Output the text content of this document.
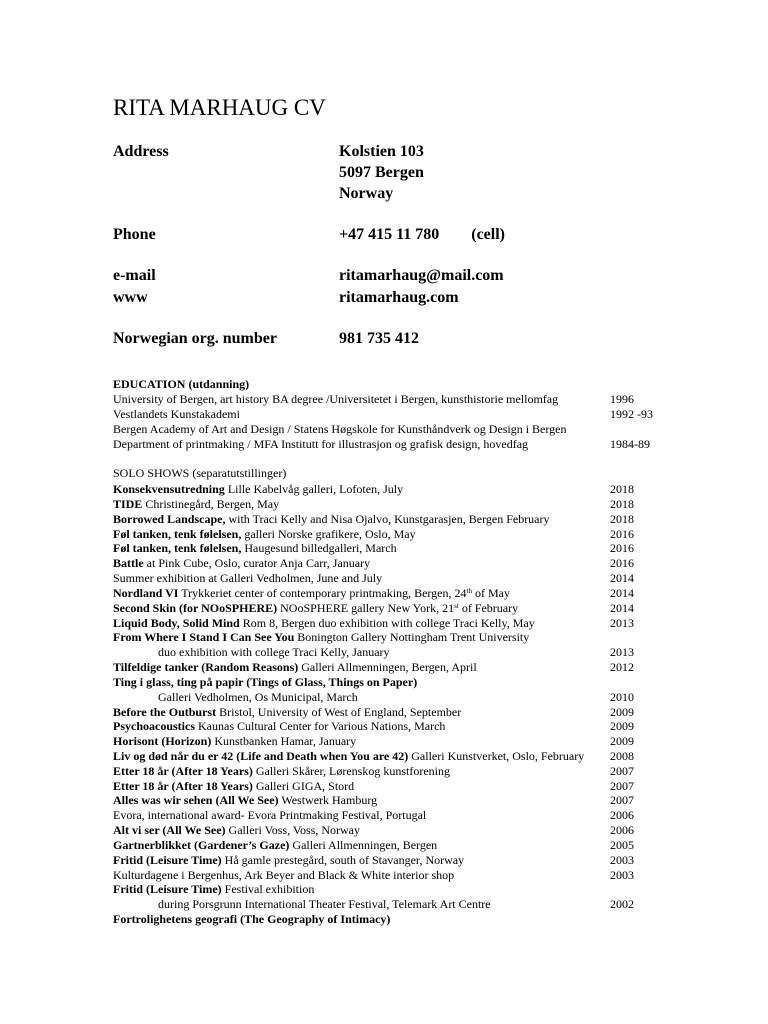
RITA MARHAUG CV
Address	Kolstien 103
5097 Bergen
Norway
Phone	+47 415 11 780 (cell)
e-mail	ritamarhaug@mail.com
www	ritamarhaug.com
Norwegian org. number	981 735 412
EDUCATION (utdanning)
University of Bergen, art history BA degree /Universitetet i Bergen, kunsthistorie mellomfag	1996
Vestlandets Kunstakademi	1992 -93
Bergen Academy of Art and Design / Statens Høgskole for Kunsthåndverk og Design i Bergen
Department of printmaking / MFA Institutt for illustrasjon og grafisk design, hovedfag	1984-89
SOLO SHOWS (separatutstillinger)
Konsekvensutredning Lille Kabelvåg galleri, Lofoten, July	2018
TIDE Christinegård, Bergen, May	2018
Borrowed Landscape, with Traci Kelly and Nisa Ojalvo, Kunstgarasjen, Bergen February	2018
Føl tanken, tenk følelsen, galleri Norske grafikere, Oslo, May	2016
Føl tanken, tenk følelsen, Haugesund billedgalleri, March	2016
Battle at Pink Cube, Oslo, curator Anja Carr, January	2016
Summer exhibition at Galleri Vedholmen, June and July	2014
Nordland VI Trykkeriet center of contemporary printmaking, Bergen, 24th of May	2014
Second Skin (for NOoSPHERE) NOoSPHERE gallery New York, 21st of February	2014
Liquid Body, Solid Mind Rom 8, Bergen duo exhibition with college Traci Kelly, May	2013
From Where I Stand I Can See You Bonington Gallery Nottingham Trent University
duo exhibition with college Traci Kelly, January	2013
Tilfeldige tanker (Random Reasons) Galleri Allmenningen, Bergen, April	2012
Ting i glass, ting på papir (Tings of Glass, Things on Paper)
Galleri Vedholmen, Os Municipal, March	2010
Before the Outburst Bristol, University of West of England, September	2009
Psychoacoustics Kaunas Cultural Center for Various Nations, March	2009
Horisont (Horizon) Kunstbanken Hamar, January	2009
Liv og død når du er 42 (Life and Death when You are 42) Galleri Kunstverket, Oslo, February 2008
Etter 18 år (After 18 Years) Galleri Skårer, Lørenskog kunstforening	2007
Etter 18 år (After 18 Years) Galleri GIGA, Stord	2007
Alles was wir sehen (All We See) Westwerk Hamburg	2007
Evora, international award- Evora Printmaking Festival, Portugal	2006
Alt vi ser (All We See) Galleri Voss, Voss, Norway	2006
Gartnerblikket (Gardener’s Gaze) Galleri Allmenningen, Bergen	2005
Fritid (Leisure Time) Hå gamle prestegård, south of Stavanger, Norway	2003
Kulturdagene i Bergenhus, Ark Beyer and Black & White interior shop	2003
Fritid (Leisure Time) Festival exhibition
during Porsgrunn International Theater Festival, Telemark Art Centre	2002
Fortrolighetens geografi (The Geography of Intimacy)
